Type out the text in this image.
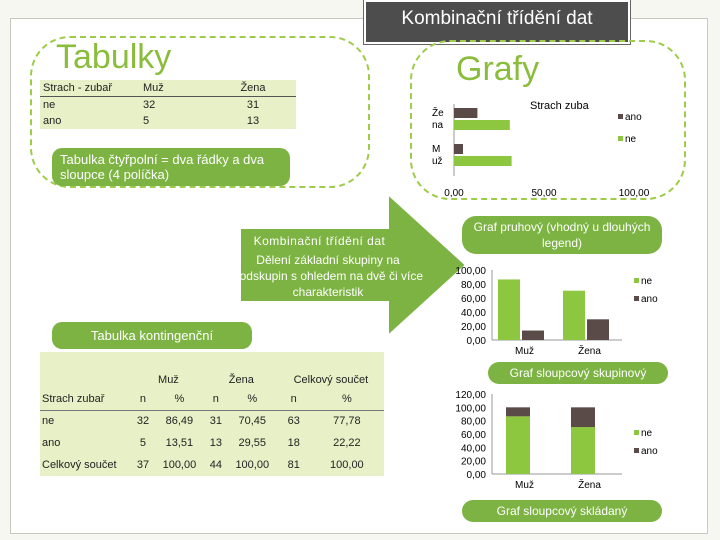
Kombinační třídění dat
Tabulky	Grafy
Strach - zubař	Muž	Žena
ne	32	31
ano	5	13
Tabulka čtyřpolní = dva řádky a dva sloupce (4 políčka)
Kombinační třídění dat
Dělení základní skupiny na podskupin s ohledem na dvě či více charakteristik
Tabulka kontingenční
	Muž		Žena		Celkový součet	
Strach zubař	n	%	n	%	n	%
ne	32	86,49	31	70,45	63	77,78
ano	5	13,51	13	29,55	18	22,22
Celkový součet	37	100,00	44	100,00	81	100,00
Graf pruhový (vhodný u dlouhých legend)
Graf sloupcový skupinový
Graf sloupcový skládaný
Strach zuba
Že
na
M
už
0,00	50,00	100,00
ano
ne
100,00
80,00
60,00
40,00
20,00
0,00
Muž	Žena
ne
ano
120,00
100,00
80,00
60,00
40,00
20,00
0,00
Muž	Žena
ne
ano
